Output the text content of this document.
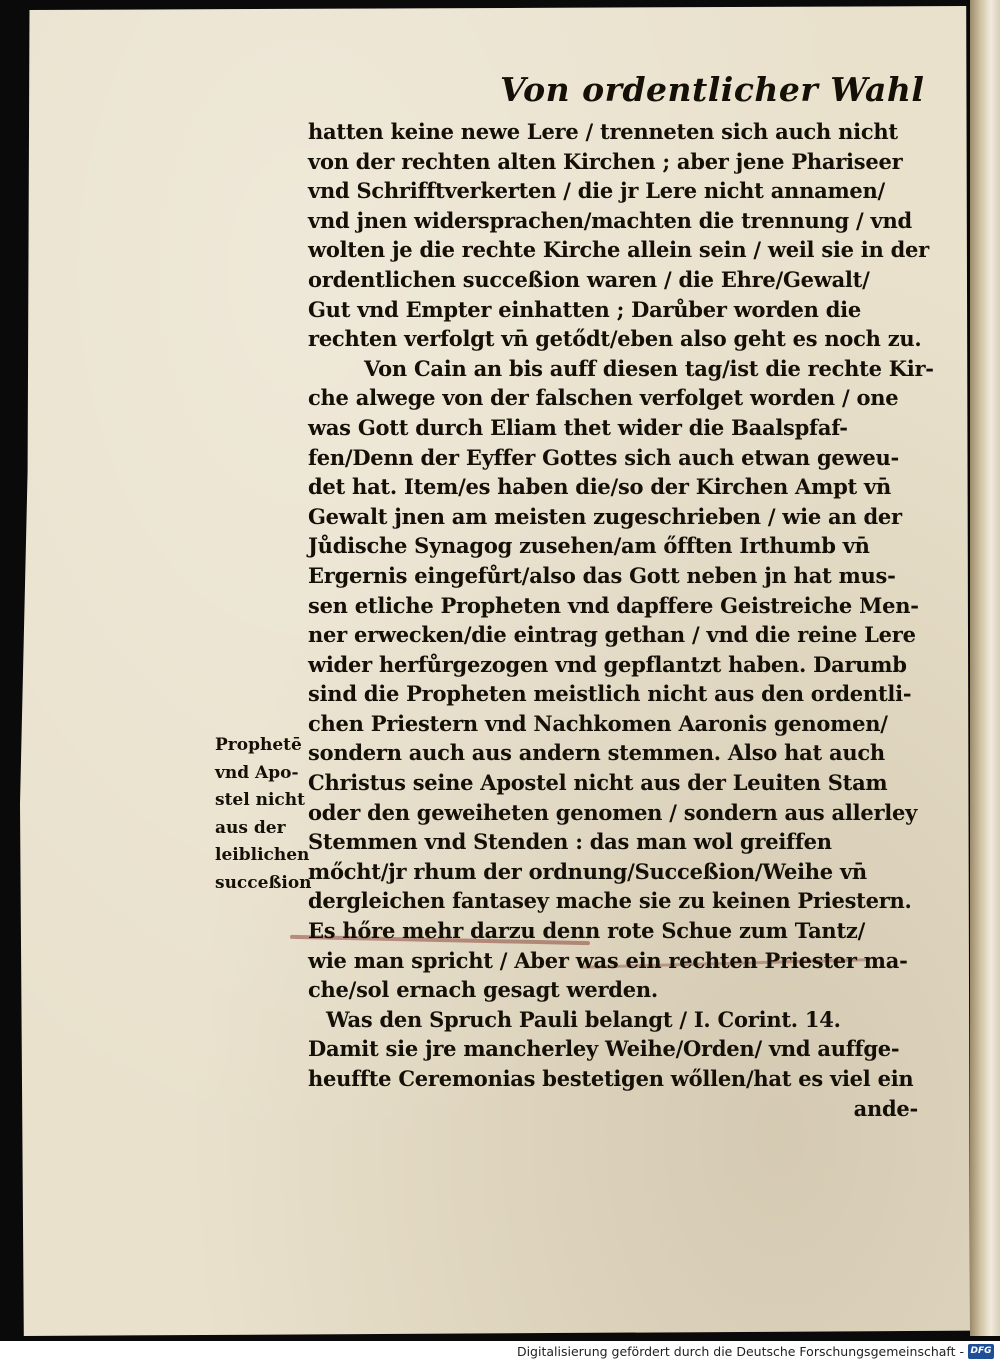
Von ordentlicher Wahl
hatten keine newe Lere / trenneten sich auch nicht
von der rechten alten Kirchen ; aber jene Phariseer
vnd Schrifftverkerten / die jr Lere nicht annamen/
vnd jnen widersprachen/machten die trennung / vnd
wolten je die rechte Kirche allein sein / weil sie in der
ordentlichen succeßion waren / die Ehre/Gewalt/
Gut vnd Empter einhatten ; Darůber worden die
rechten verfolgt vn̄ getődt/eben also geht es noch zu.
Von Cain an bis auff diesen tag/ist die rechte Kir-
che alwege von der falschen verfolget worden / one
was Gott durch Eliam thet wider die Baalspfaf-
fen/Denn der Eyffer Gottes sich auch etwan geweu-
det hat. Item/es haben die/so der Kirchen Ampt vn̄
Gewalt jnen am meisten zugeschrieben / wie an der
Jůdische Synagog zusehen/am őfften Irthumb vn̄
Ergernis eingefůrt/also das Gott neben jn hat mus-
sen etliche Propheten vnd dapffere Geistreiche Men-
ner erwecken/die eintrag gethan / vnd die reine Lere
wider herfůrgezogen vnd gepflantzt haben. Darumb
sind die Propheten meistlich nicht aus den ordentli-
chen Priestern vnd Nachkomen Aaronis genomen/
sondern auch aus andern stemmen. Also hat auch
Christus seine Apostel nicht aus der Leuiten Stam
oder den geweiheten genomen / sondern aus allerley
Stemmen vnd Stenden : das man wol greiffen
mőcht/jr rhum der ordnung/Succeßion/Weihe vn̄
dergleichen fantasey mache sie zu keinen Priestern.
Es hőre mehr darzu denn rote Schue zum Tantz/
wie man spricht / Aber was ein rechten Priester ma-
che/sol ernach gesagt werden.
Was den Spruch Pauli belangt / I. Corint. 14.
Damit sie jre mancherley Weihe/Orden/ vnd auffge-
heuffte Ceremonias bestetigen wőllen/hat es viel ein
ande-
Prophetē
vnd Apo-
stel nicht
aus der
leiblichen
succeßion
Digitalisierung gefördert durch die Deutsche Forschungsgemeinschaft - DFG
